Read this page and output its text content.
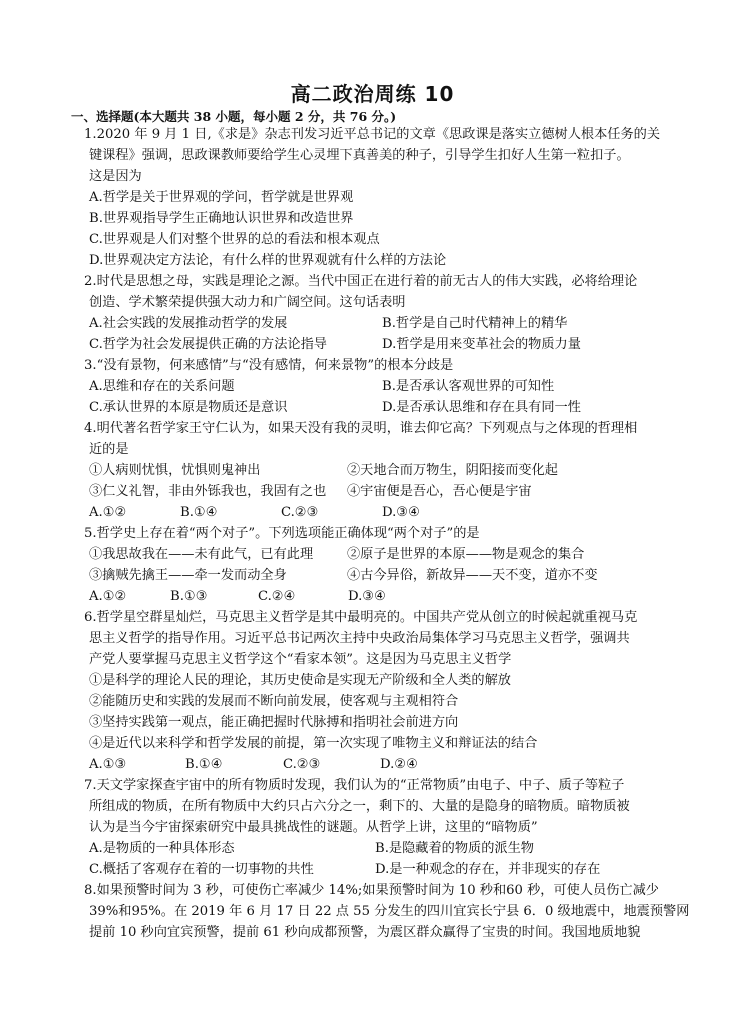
高二政治周练 10
一、选择题(本大题共 38 小题，每小题 2 分，共 76 分。)
1.2020 年 9 月 1 日,《求是》杂志刊发习近平总书记的文章《思政课是落实立德树人根本任务的关
键课程》强调，思政课教师要给学生心灵埋下真善美的种子，引导学生扣好人生第一粒扣子。
这是因为
A.哲学是关于世界观的学问，哲学就是世界观
B.世界观指导学生正确地认识世界和改造世界
C.世界观是人们对整个世界的总的看法和根本观点
D.世界观决定方法论，有什么样的世界观就有什么样的方法论
2.时代是思想之母，实践是理论之源。当代中国正在进行着的前无古人的伟大实践，必将给理论
创造、学术繁荣提供强大动力和广阔空间。这句话表明
A.社会实践的发展推动哲学的发展	B.哲学是自己时代精神上的精华
C.哲学为社会发展提供正确的方法论指导	D.哲学是用来变革社会的物质力量
3.“没有景物，何来感情”与“没有感情，何来景物”的根本分歧是
A.思维和存在的关系问题	B.是否承认客观世界的可知性
C.承认世界的本原是物质还是意识	D.是否承认思维和存在具有同一性
4.明代著名哲学家王守仁认为，如果天没有我的灵明，谁去仰它高？下列观点与之体现的哲理相
近的是
①人病则忧惧，忧惧则鬼神出	②天地合而万物生，阴阳接而变化起
③仁义礼智，非由外铄我也，我固有之也 ④宇宙便是吾心，吾心便是宇宙
A.①②	B.①④	C.②③	D.③④
5.哲学史上存在着“两个对子”。下列选项能正确体现“两个对子”的是
①我思故我在——未有此气，已有此理	②原子是世界的本原——物是观念的集合
③擒贼先擒王——牵一发而动全身	④古今异俗，新故异——天不变，道亦不变
A.①②	B.①③	C.②④	D.③④
6.哲学星空群星灿烂，马克思主义哲学是其中最明亮的。中国共产党从创立的时候起就重视马克
思主义哲学的指导作用。习近平总书记两次主持中央政治局集体学习马克思主义哲学，强调共
产党人要掌握马克思主义哲学这个“看家本领”。这是因为马克思主义哲学
①是科学的理论人民的理论，其历史使命是实现无产阶级和全人类的解放
②能随历史和实践的发展而不断向前发展，使客观与主观相符合
③坚持实践第一观点，能正确把握时代脉搏和指明社会前进方向
④是近代以来科学和哲学发展的前提，第一次实现了唯物主义和辩证法的结合
A.①③	B.①④	C.②③	D.②④
7.天文学家探查宇宙中的所有物质时发现，我们认为的“正常物质”由电子、中子、质子等粒子
所组成的物质，在所有物质中大约只占六分之一，剩下的、大量的是隐身的暗物质。暗物质被
认为是当今宇宙探索研究中最具挑战性的谜题。从哲学上讲，这里的“暗物质”
A.是物质的一种具体形态	B.是隐藏着的物质的派生物
C.概括了客观存在着的一切事物的共性	D.是一种观念的存在，并非现实的存在
8.如果预警时间为 3 秒，可使伤亡率减少 14%;如果预警时间为 10 秒和60 秒，可使人员伤亡减少
39%和95%。在 2019 年 6 月 17 日 22 点 55 分发生的四川宜宾长宁县 6．0 级地震中，地震预警网
提前 10 秒向宜宾预警，提前 61 秒向成都预警，为震区群众赢得了宝贵的时间。我国地质地貌
